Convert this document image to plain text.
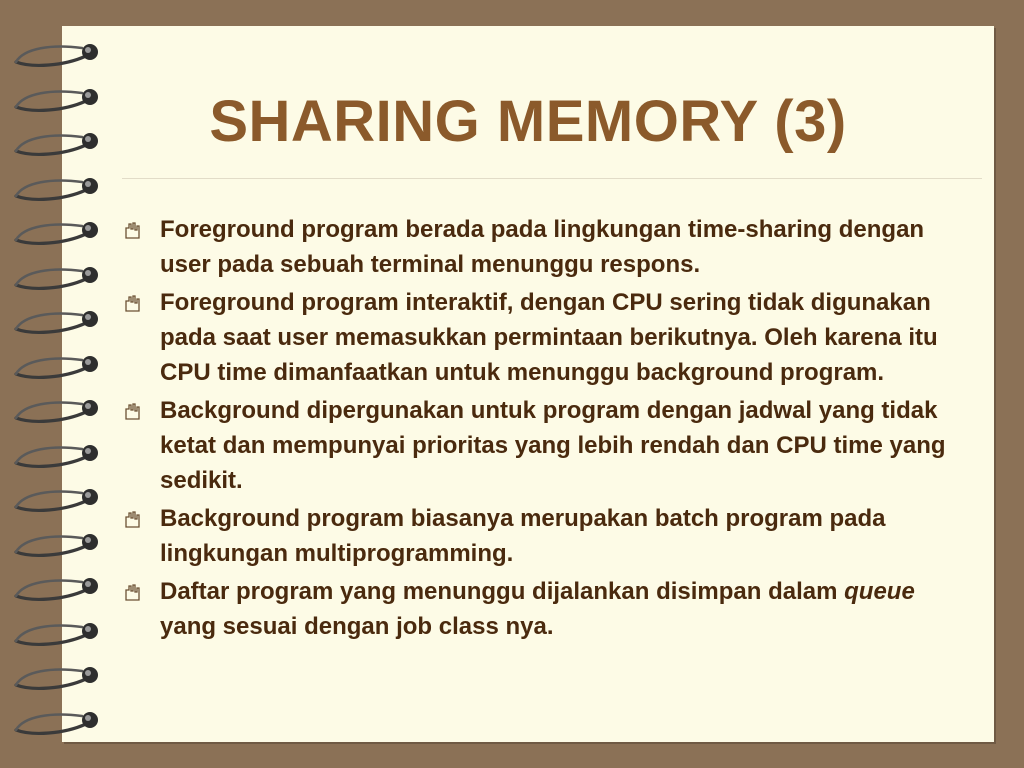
SHARING MEMORY (3)
Foreground program berada pada lingkungan time-sharing dengan user pada sebuah terminal menunggu respons.
Foreground program interaktif, dengan CPU sering tidak digunakan pada saat user memasukkan permintaan berikutnya. Oleh karena itu CPU time dimanfaatkan untuk menunggu background program.
Background dipergunakan untuk program dengan jadwal yang tidak ketat dan mempunyai prioritas yang lebih rendah dan CPU time yang sedikit.
Background program biasanya merupakan batch program pada lingkungan multiprogramming.
Daftar program yang menunggu dijalankan disimpan dalam queue yang sesuai dengan job class nya.
